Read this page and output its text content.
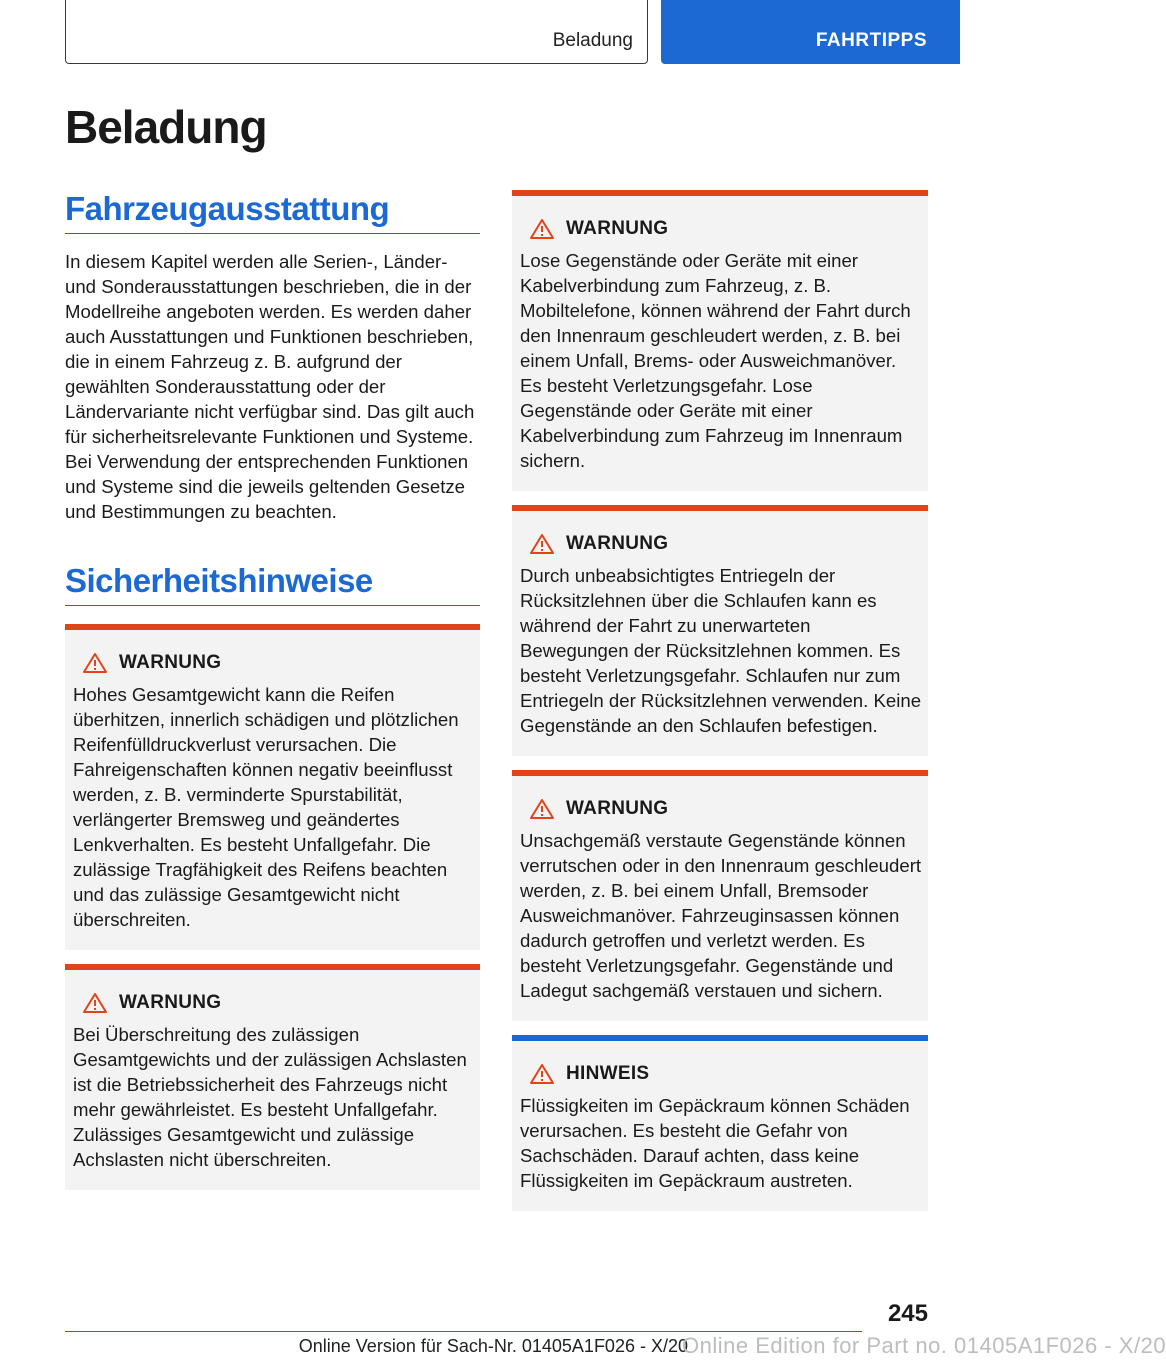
Beladung	FAHRTIPPS
Beladung
Fahrzeugausstattung

In diesem Kapitel werden alle Serien-, Länder- und Sonderausstattungen beschrieben, die in der Modellreihe angeboten werden. Es werden daher auch Ausstattungen und Funktionen beschrieben, die in einem Fahrzeug z. B. aufgrund der gewählten Sonderausstattung oder der Ländervariante nicht verfügbar sind. Das gilt auch für sicherheitsrelevante Funktionen und Systeme. Bei Verwendung der entsprechenden Funktionen und Systeme sind die jeweils geltenden Gesetze und Bestimmungen zu beachten.

Sicherheitshinweise
WARNUNG

Hohes Gesamtgewicht kann die Reifen überhitzen, innerlich schädigen und plötzlichen Reifenfülldruckverlust verursachen. Die Fahreigenschaften können negativ beeinflusst werden, z. B. verminderte Spurstabilität, verlängerter Bremsweg und geändertes Lenkverhalten. Es besteht Unfallgefahr. Die zulässige Tragfähigkeit des Reifens beachten und das zulässige Gesamtgewicht nicht überschreiten.

WARNUNG

Bei Überschreitung des zulässigen Gesamtgewichts und der zulässigen Achslasten ist die Betriebssicherheit des Fahrzeugs nicht mehr gewährleistet. Es besteht Unfallgefahr. Zulässiges Gesamtgewicht und zulässige Achslasten nicht überschreiten.

WARNUNG

Lose Gegenstände oder Geräte mit einer Kabelverbindung zum Fahrzeug, z. B. Mobiltelefone, können während der Fahrt durch den Innenraum geschleudert werden, z. B. bei einem Unfall, Brems- oder Ausweichmanöver. Es besteht Verletzungsgefahr. Lose Gegenstände oder Geräte mit einer Kabelverbindung zum Fahrzeug im Innenraum sichern.

WARNUNG

Durch unbeabsichtigtes Entriegeln der Rücksitzlehnen über die Schlaufen kann es während der Fahrt zu unerwarteten Bewegungen der Rücksitzlehnen kommen. Es besteht Verletzungsgefahr. Schlaufen nur zum Entriegeln der Rücksitzlehnen verwenden. Keine Gegenstände an den Schlaufen befestigen.

WARNUNG

Unsachgemäß verstaute Gegenstände können verrutschen oder in den Innenraum geschleudert werden, z. B. bei einem Unfall, Bremsoder Ausweichmanöver. Fahrzeuginsassen können dadurch getroffen und verletzt werden. Es besteht Verletzungsgefahr. Gegenstände und Ladegut sachgemäß verstauen und sichern.

HINWEIS

Flüssigkeiten im Gepäckraum können Schäden verursachen. Es besteht die Gefahr von Sachschäden. Darauf achten, dass keine Flüssigkeiten im Gepäckraum austreten.

245
Online Version für Sach-Nr. 01405A1F026 - X/20
Online Edition for Part no. 01405A1F026 - X/20
